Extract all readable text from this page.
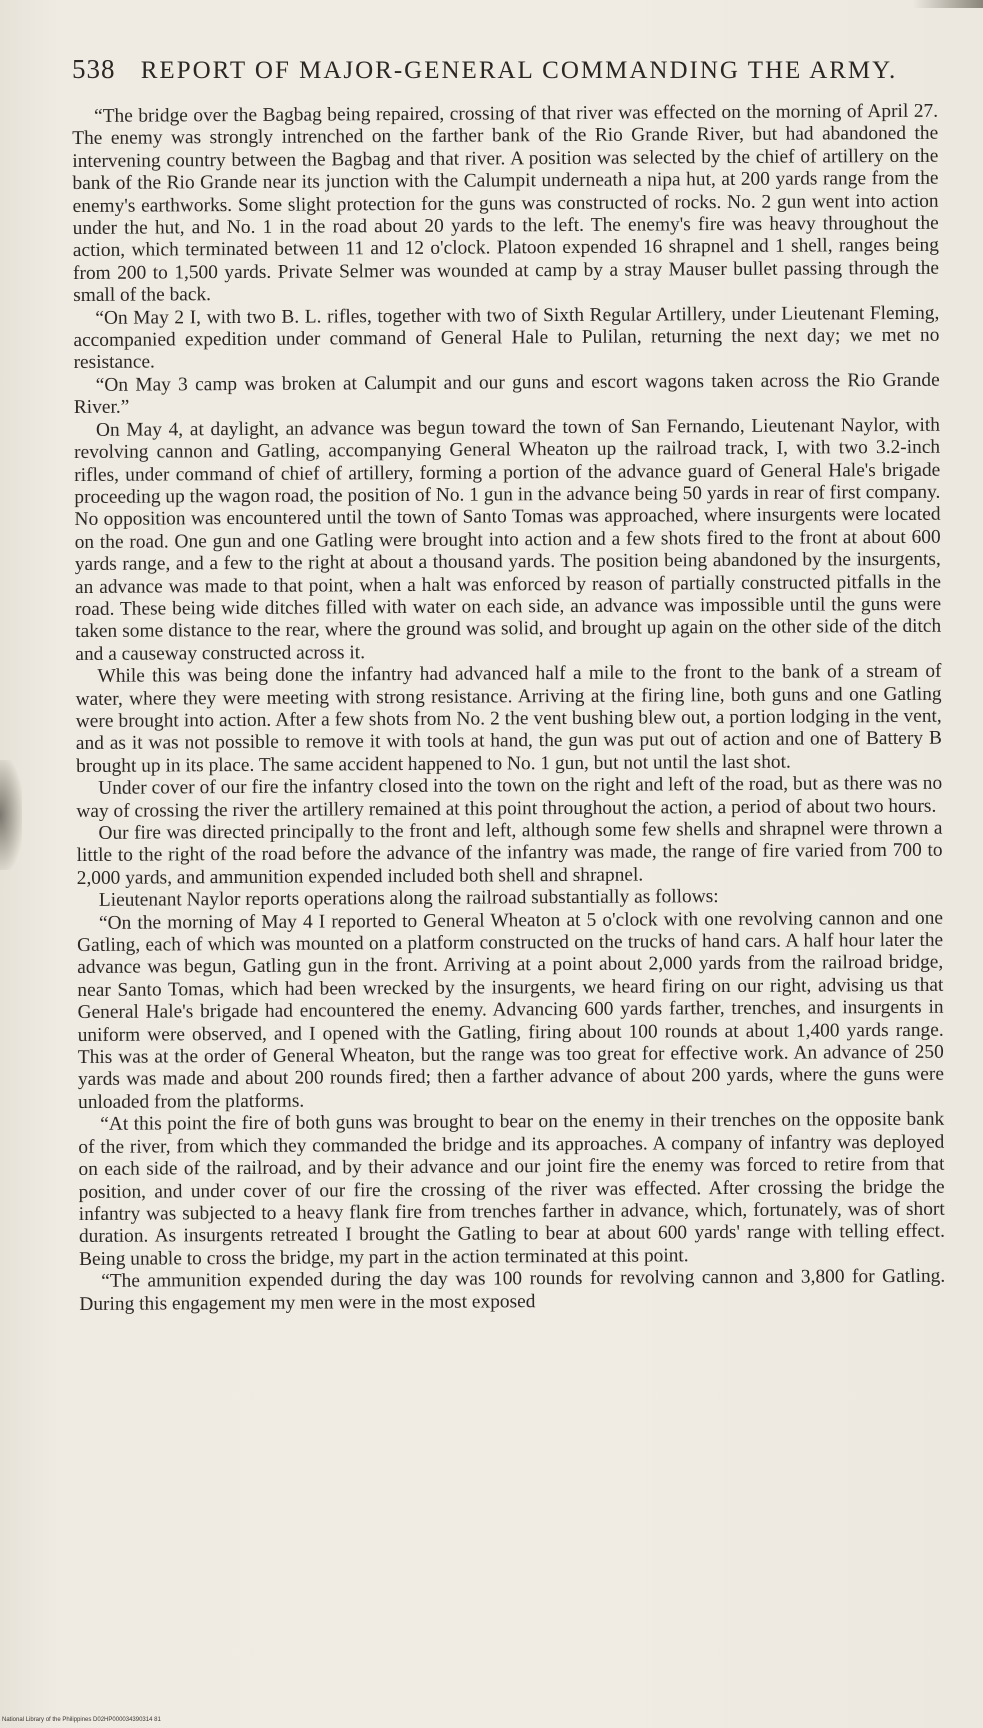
538 REPORT OF MAJOR-GENERAL COMMANDING THE ARMY.

“The bridge over the Bagbag being repaired, crossing of that river was effected on the morning of April 27. The enemy was strongly intrenched on the farther bank of the Rio Grande River, but had abandoned the intervening country between the Bagbag and that river. A position was selected by the chief of artillery on the bank of the Rio Grande near its junction with the Calumpit underneath a nipa hut, at 200 yards range from the enemy's earthworks. Some slight protection for the guns was constructed of rocks. No. 2 gun went into action under the hut, and No. 1 in the road about 20 yards to the left. The enemy's fire was heavy throughout the action, which terminated between 11 and 12 o'clock. Platoon expended 16 shrapnel and 1 shell, ranges being from 200 to 1,500 yards. Private Selmer was wounded at camp by a stray Mauser bullet passing through the small of the back.

“On May 2 I, with two B. L. rifles, together with two of Sixth Regular Artillery, under Lieutenant Fleming, accompanied expedition under command of General Hale to Pulilan, returning the next day; we met no resistance.

“On May 3 camp was broken at Calumpit and our guns and escort wagons taken across the Rio Grande River.”

On May 4, at daylight, an advance was begun toward the town of San Fernando, Lieutenant Naylor, with revolving cannon and Gatling, accompanying General Wheaton up the railroad track, I, with two 3.2-inch rifles, under command of chief of artillery, forming a portion of the advance guard of General Hale's brigade proceeding up the wagon road, the position of No. 1 gun in the advance being 50 yards in rear of first company. No opposition was encountered until the town of Santo Tomas was approached, where insurgents were located on the road. One gun and one Gatling were brought into action and a few shots fired to the front at about 600 yards range, and a few to the right at about a thousand yards. The position being abandoned by the insurgents, an advance was made to that point, when a halt was enforced by reason of partially constructed pitfalls in the road. These being wide ditches filled with water on each side, an advance was impossible until the guns were taken some distance to the rear, where the ground was solid, and brought up again on the other side of the ditch and a causeway constructed across it.

While this was being done the infantry had advanced half a mile to the front to the bank of a stream of water, where they were meeting with strong resistance. Arriving at the firing line, both guns and one Gatling were brought into action. After a few shots from No. 2 the vent bushing blew out, a portion lodging in the vent, and as it was not possible to remove it with tools at hand, the gun was put out of action and one of Battery B brought up in its place. The same accident happened to No. 1 gun, but not until the last shot.

Under cover of our fire the infantry closed into the town on the right and left of the road, but as there was no way of crossing the river the artillery remained at this point throughout the action, a period of about two hours.

Our fire was directed principally to the front and left, although some few shells and shrapnel were thrown a little to the right of the road before the advance of the infantry was made, the range of fire varied from 700 to 2,000 yards, and ammunition expended included both shell and shrapnel.

Lieutenant Naylor reports operations along the railroad substantially as follows:

“On the morning of May 4 I reported to General Wheaton at 5 o'clock with one revolving cannon and one Gatling, each of which was mounted on a platform constructed on the trucks of hand cars. A half hour later the advance was begun, Gatling gun in the front. Arriving at a point about 2,000 yards from the railroad bridge, near Santo Tomas, which had been wrecked by the insurgents, we heard firing on our right, advising us that General Hale's brigade had encountered the enemy. Advancing 600 yards farther, trenches, and insurgents in uniform were observed, and I opened with the Gatling, firing about 100 rounds at about 1,400 yards range. This was at the order of General Wheaton, but the range was too great for effective work. An advance of 250 yards was made and about 200 rounds fired; then a farther advance of about 200 yards, where the guns were unloaded from the platforms.

“At this point the fire of both guns was brought to bear on the enemy in their trenches on the opposite bank of the river, from which they commanded the bridge and its approaches. A company of infantry was deployed on each side of the railroad, and by their advance and our joint fire the enemy was forced to retire from that position, and under cover of our fire the crossing of the river was effected. After crossing the bridge the infantry was subjected to a heavy flank fire from trenches farther in advance, which, fortunately, was of short duration. As insurgents retreated I brought the Gatling to bear at about 600 yards' range with telling effect. Being unable to cross the bridge, my part in the action terminated at this point.

“The ammunition expended during the day was 100 rounds for revolving cannon and 3,800 for Gatling. During this engagement my men were in the most exposed

National Library of the Philippines D02HP000034390314 81
